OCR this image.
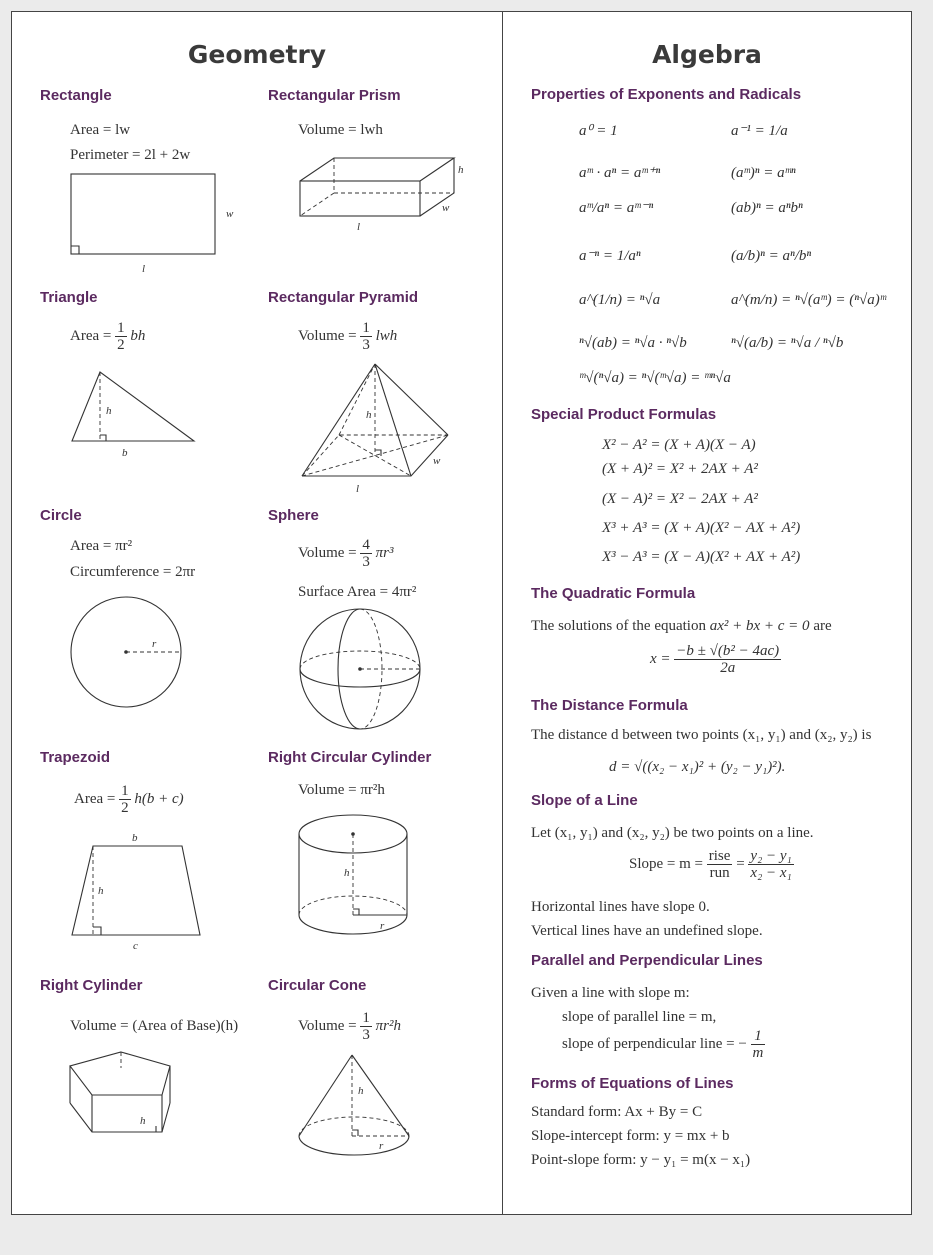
Geometry
Rectangle
Area = lw
Perimeter = 2l + 2w
w
l
Rectangular Prism
Volume = lwh
h
w
l
Triangle
Area = $\frac{1}{2}$ bh
h
b
Rectangular Pyramid
Volume = $\frac{1}{3}$ lwh
h
w
l
Circle
Area = πr²
Circumference = 2πr
r
Sphere
Volume = $\frac{4}{3} \pi r^3$
Surface Area = 4πr²
Trapezoid
Area = $\frac{1}{2} h(b + c)$
b
h
c
Right Circular Cylinder
Volume = πr²h
h
r
Right Cylinder
Volume = (Area of Base)(h)
h
Circular Cone
Volume = $\frac{1}{3} \pi r^2h$
h
r
Algebra
Properties of Exponents and Radicals
a⁰ = 1	a⁻¹ = 1/a
aᵐ · aⁿ = aᵐ⁺ⁿ	(aᵐ)ⁿ = aᵐⁿ
aᵐ/aⁿ = aᵐ⁻ⁿ	(ab)ⁿ = aⁿbⁿ
a⁻ⁿ = 1/aⁿ	(a/b)ⁿ = aⁿ/bⁿ
a^(1/n) = ⁿ√a	a^(m/n) = ⁿ√(aᵐ) = (ⁿ√a)ᵐ
ⁿ√(ab) = ⁿ√a · ⁿ√b	ⁿ√(a/b) = ⁿ√a / ⁿ√b
ᵐ√(ⁿ√a) = ⁿ√(ᵐ√a) = ᵐⁿ√a
Special Product Formulas
X² − A² = (X + A)(X − A)
(X + A)² = X² + 2AX + A²
(X − A)² = X² − 2AX + A²
X³ + A³ = (X + A)(X² − AX + A²)
X³ − A³ = (X − A)(X² + AX + A²)
The Quadratic Formula
The solutions of the equation ax² + bx + c = 0 are
$x = \frac{\text{−b ± √(b² − 4ac)}}{2a}$
The Distance Formula
The distance d between two points (x₁, y₁) and (x₂, y₂) is
d = √((x₂ − x₁)² + (y₂ − y₁)²).
Slope of a Line
Let (x₁, y₁) and (x₂, y₂) be two points on a line.
Slope = m = rise
run
= $\frac{\text{y₂ − y₁}}{\text{x₂ − x₁}}$
Horizontal lines have slope 0.
Vertical lines have an undefined slope.
Parallel and Perpendicular Lines
Given a line with slope m:
slope of parallel line = m,
slope of perpendicular line = − $\frac{1}{m}$
Forms of Equations of Lines
Standard form: Ax + By = C
Slope-intercept form: y = mx + b
Point-slope form: y − y₁ = m(x − x₁)
